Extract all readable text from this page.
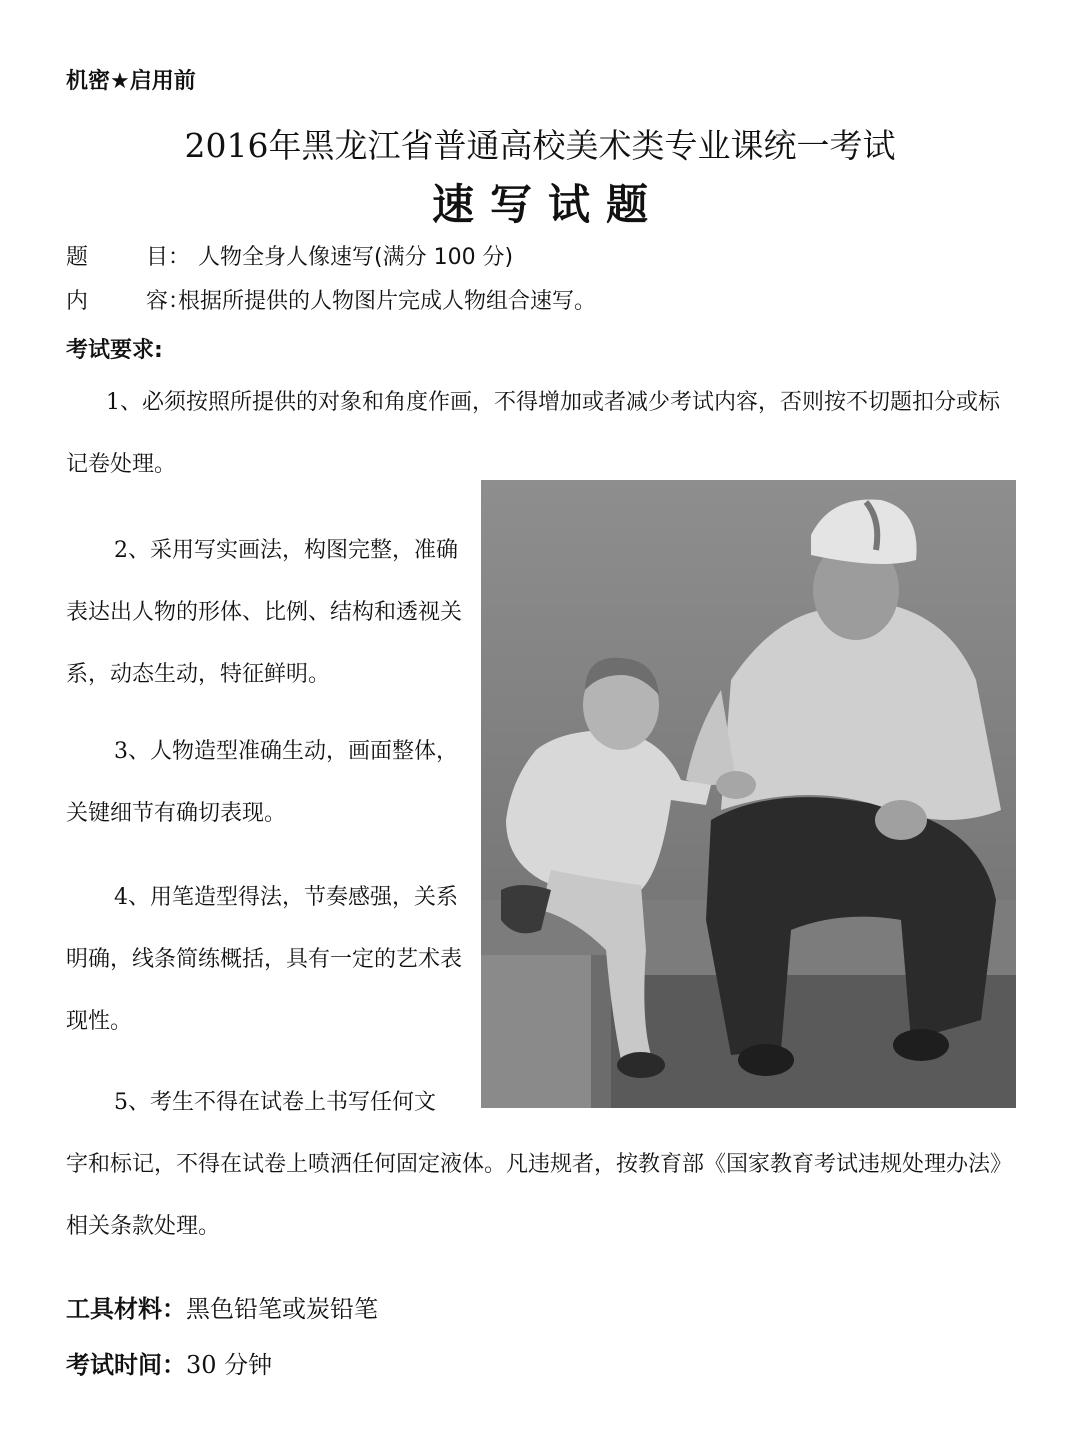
机密★启用前
2016年黑龙江省普通高校美术类专业课统一考试
速写试题
题	目： 人物全身人像速写(满分 100 分)
内	容：
根据所提供的人物图片完成人物组合速写。
考试要求:
1、必须按照所提供的对象和角度作画，不得增加或者减少考试内容，否则按不切题扣分或标记卷处理。
2、采用写实画法，构图完整，准确表达出人物的形体、比例、结构和透视关系，动态生动，特征鲜明。
3、人物造型准确生动，画面整体，关键细节有确切表现。
4、用笔造型得法，节奏感强，关系明确，线条简练概括，具有一定的艺术表现性。
5、考生不得在试卷上书写任何文
字和标记，不得在试卷上喷洒任何固定液体。凡违规者，按教育部《国家教育考试违规处理办法》相关条款处理。
工具材料：黑色铅笔或炭铅笔
考试时间：30 分钟
